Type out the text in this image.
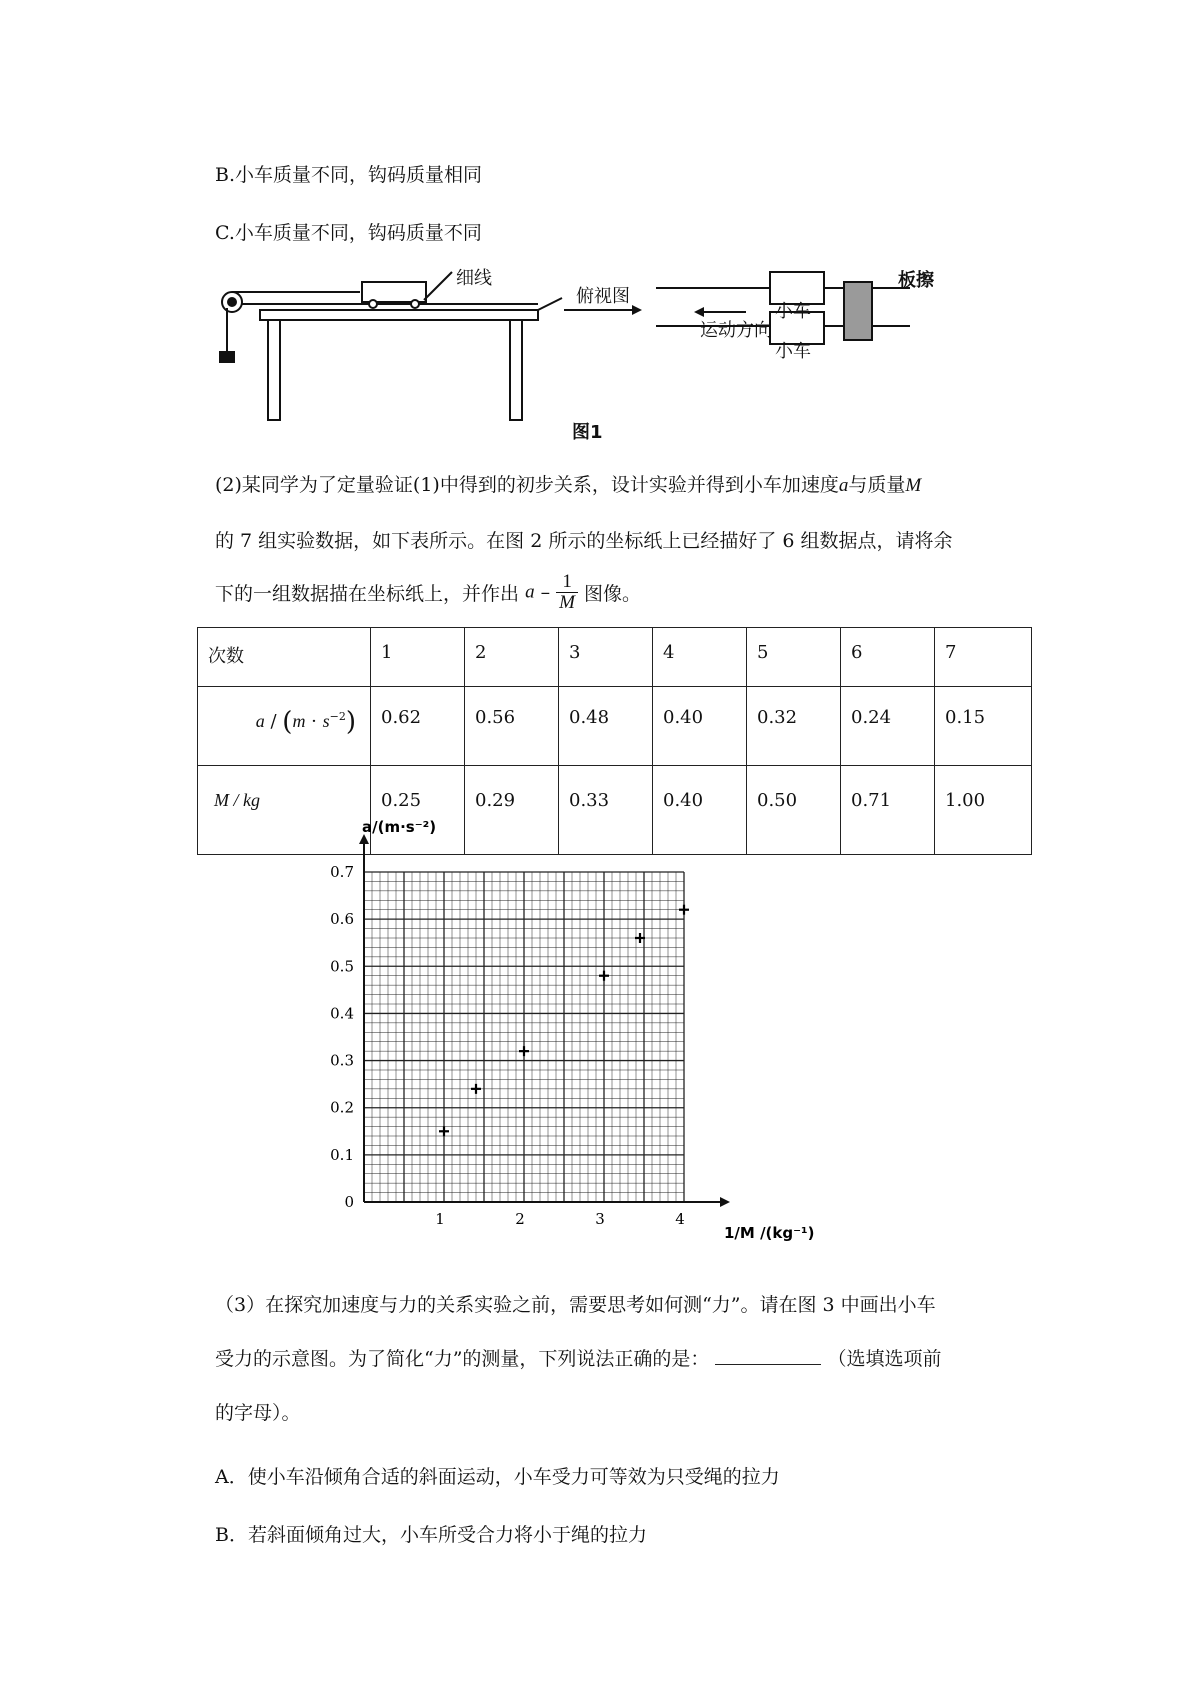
B.小车质量不同，钩码质量相同
C.小车质量不同，钩码质量不同
细线
俯视图
运动方向
小车
小车
板擦
图1
(2)某同学为了定量验证(1)中得到的初步关系，设计实验并得到小车加速度a与质量M
的 7 组实验数据，如下表所示。在图 2 所示的坐标纸上已经描好了 6 组数据点，请将余
下的一组数据描在坐标纸上，并作出 a – $\frac{1}{M}$ 图像。
次数	1	2	3	4	5	6	7
$a / (m \cdot s^{-2})$	0.62	0.56	0.48	0.40	0.32	0.24	0.15
M / kg	0.25	0.29	0.33	0.40	0.50	0.71	1.00
0
0.1
0.2
0.3
0.4
0.5
0.6
0.7
1	2	3	4
a/(m·s⁻²)
1/M /(kg⁻¹)
（3）在探究加速度与力的关系实验之前，需要思考如何测“力”。请在图 3 中画出小车
受力的示意图。为了简化“力”的测量，下列说法正确的是：	（选填选项前
的字母）。
A．使小车沿倾角合适的斜面运动，小车受力可等效为只受绳的拉力
B．若斜面倾角过大，小车所受合力将小于绳的拉力
